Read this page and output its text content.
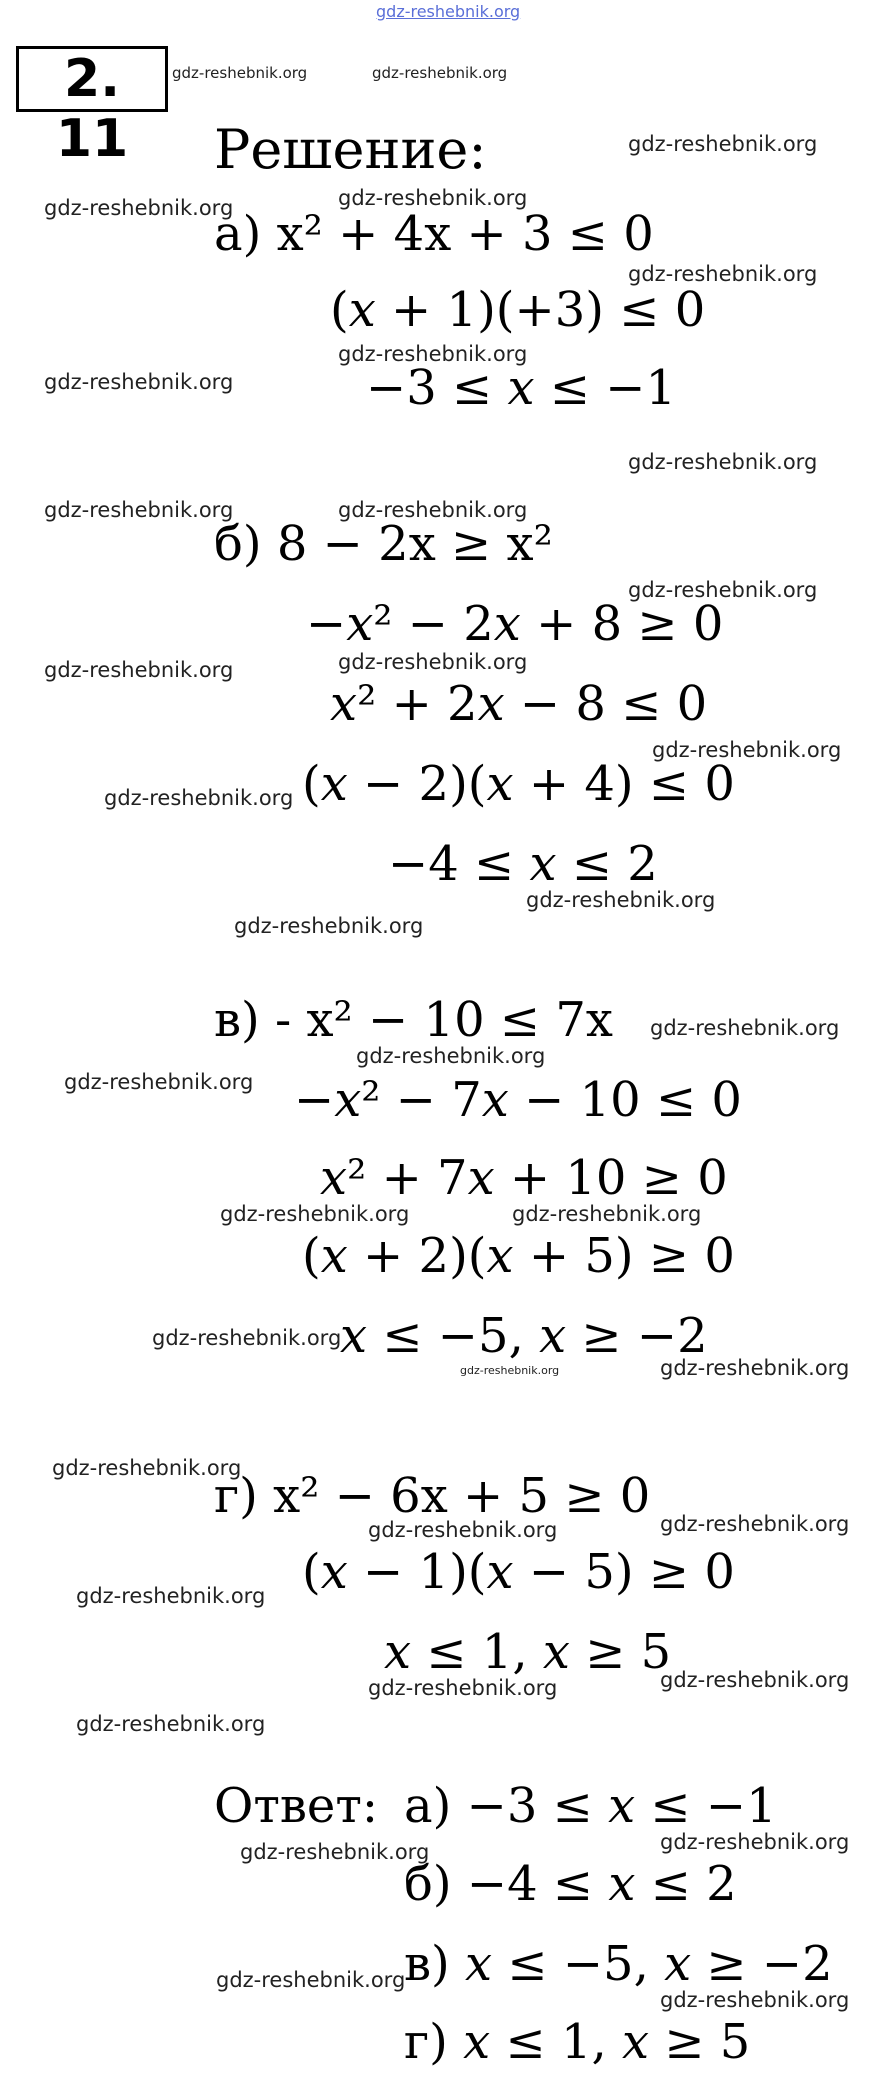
gdz-reshebnik.org
gdz-reshebnik.org	gdz-reshebnik.org
gdz-reshebnik.org
gdz-reshebnik.org
gdz-reshebnik.org
gdz-reshebnik.org
gdz-reshebnik.org
gdz-reshebnik.org
gdz-reshebnik.org
gdz-reshebnik.org	gdz-reshebnik.org
gdz-reshebnik.org
gdz-reshebnik.org	gdz-reshebnik.org
gdz-reshebnik.org
gdz-reshebnik.org
gdz-reshebnik.org
gdz-reshebnik.org
gdz-reshebnik.org
gdz-reshebnik.org
gdz-reshebnik.org
gdz-reshebnik.org	gdz-reshebnik.org
gdz-reshebnik.org
gdz-reshebnik.org	gdz-reshebnik.org
gdz-reshebnik.org
gdz-reshebnik.org	gdz-reshebnik.org
gdz-reshebnik.org
gdz-reshebnik.org	gdz-reshebnik.org
gdz-reshebnik.org
gdz-reshebnik.org	gdz-reshebnik.org
gdz-reshebnik.org
gdz-reshebnik.org
2. 11	Решение:
а) x² + 4x + 3 ≤ 0
(𝑥 + 1)(+3) ≤ 0
−3 ≤ 𝑥 ≤ −1
б) 8 − 2x ≥ x²
−𝑥² − 2𝑥 + 8 ≥ 0
𝑥² + 2𝑥 − 8 ≤ 0
(𝑥 − 2)(𝑥 + 4) ≤ 0
−4 ≤ 𝑥 ≤ 2
в) - x² − 10 ≤ 7x
−𝑥² − 7𝑥 − 10 ≤ 0
𝑥² + 7𝑥 + 10 ≥ 0
(𝑥 + 2)(𝑥 + 5) ≥ 0
𝑥 ≤ −5, 𝑥 ≥ −2
г) x² − 6x + 5 ≥ 0
(𝑥 − 1)(𝑥 − 5) ≥ 0
𝑥 ≤ 1, 𝑥 ≥ 5
Ответ: а) −3 ≤ 𝑥 ≤ −1
б) −4 ≤ 𝑥 ≤ 2
в) 𝑥 ≤ −5, 𝑥 ≥ −2
г) 𝑥 ≤ 1, 𝑥 ≥ 5
